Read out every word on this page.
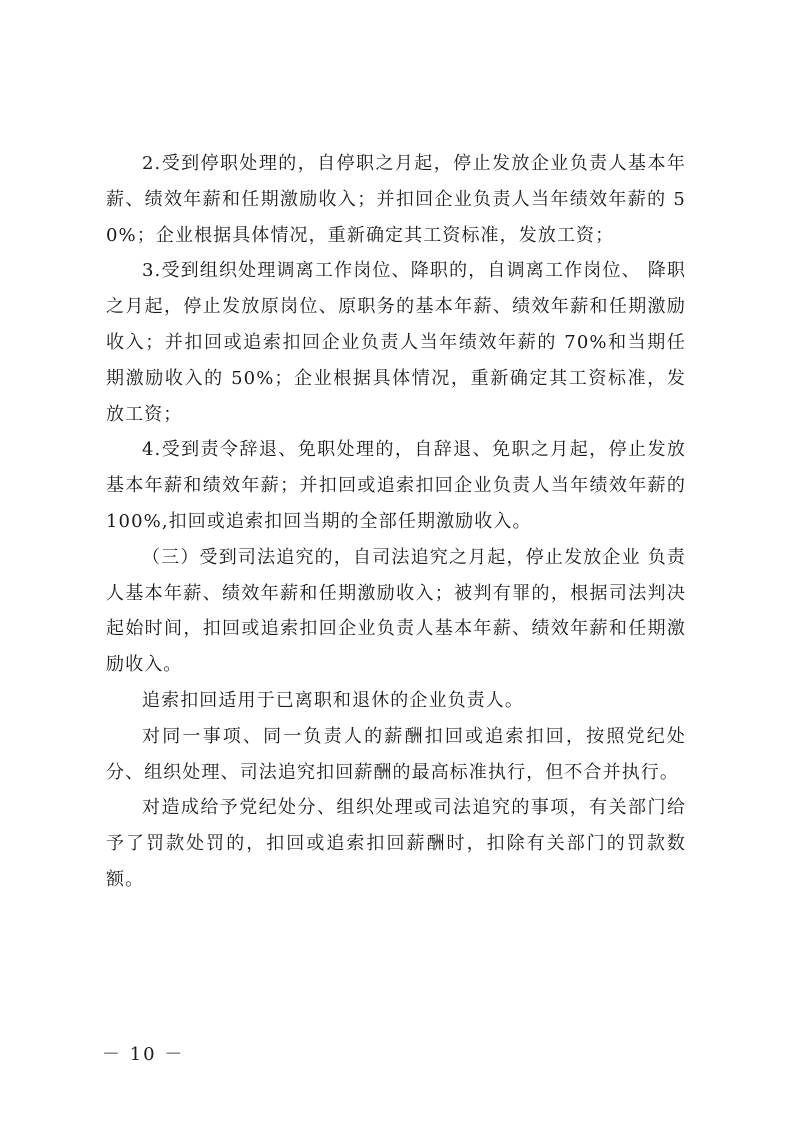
2.受到停职处理的，自停职之月起，停止发放企业负责人基本年薪、绩效年薪和任期激励收入；并扣回企业负责人当年绩效年薪的 50%；企业根据具体情况，重新确定其工资标准，发放工资；

3.受到组织处理调离工作岗位、降职的，自调离工作岗位、 降职之月起，停止发放原岗位、原职务的基本年薪、绩效年薪和任期激励收入；并扣回或追索扣回企业负责人当年绩效年薪的 70%和当期任期激励收入的 50%；企业根据具体情况，重新确定其工资标准，发放工资；

4.受到责令辞退、免职处理的，自辞退、免职之月起，停止发放基本年薪和绩效年薪；并扣回或追索扣回企业负责人当年绩效年薪的 100%,扣回或追索扣回当期的全部任期激励收入。

（三）受到司法追究的，自司法追究之月起，停止发放企业 负责人基本年薪、绩效年薪和任期激励收入；被判有罪的，根据司法判决起始时间，扣回或追索扣回企业负责人基本年薪、绩效年薪和任期激励收入。

追索扣回适用于已离职和退休的企业负责人。

对同一事项、同一负责人的薪酬扣回或追索扣回，按照党纪处分、组织处理、司法追究扣回薪酬的最高标准执行，但不合并执行。

对造成给予党纪处分、组织处理或司法追究的事项，有关部门给予了罚款处罚的，扣回或追索扣回薪酬时，扣除有关部门的罚款数额。

－ 10 －
